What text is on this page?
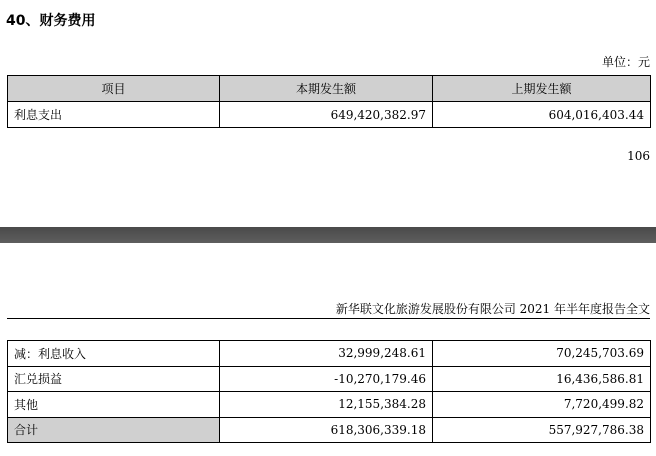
40、财务费用
单位：元
项目	本期发生额	上期发生额
利息支出	649,420,382.97	604,016,403.44
106
新华联文化旅游发展股份有限公司 2021 年半年度报告全文
减：利息收入	32,999,248.61	70,245,703.69
汇兑损益	-10,270,179.46	16,436,586.81
其他	12,155,384.28	7,720,499.82
合计	618,306,339.18	557,927,786.38
